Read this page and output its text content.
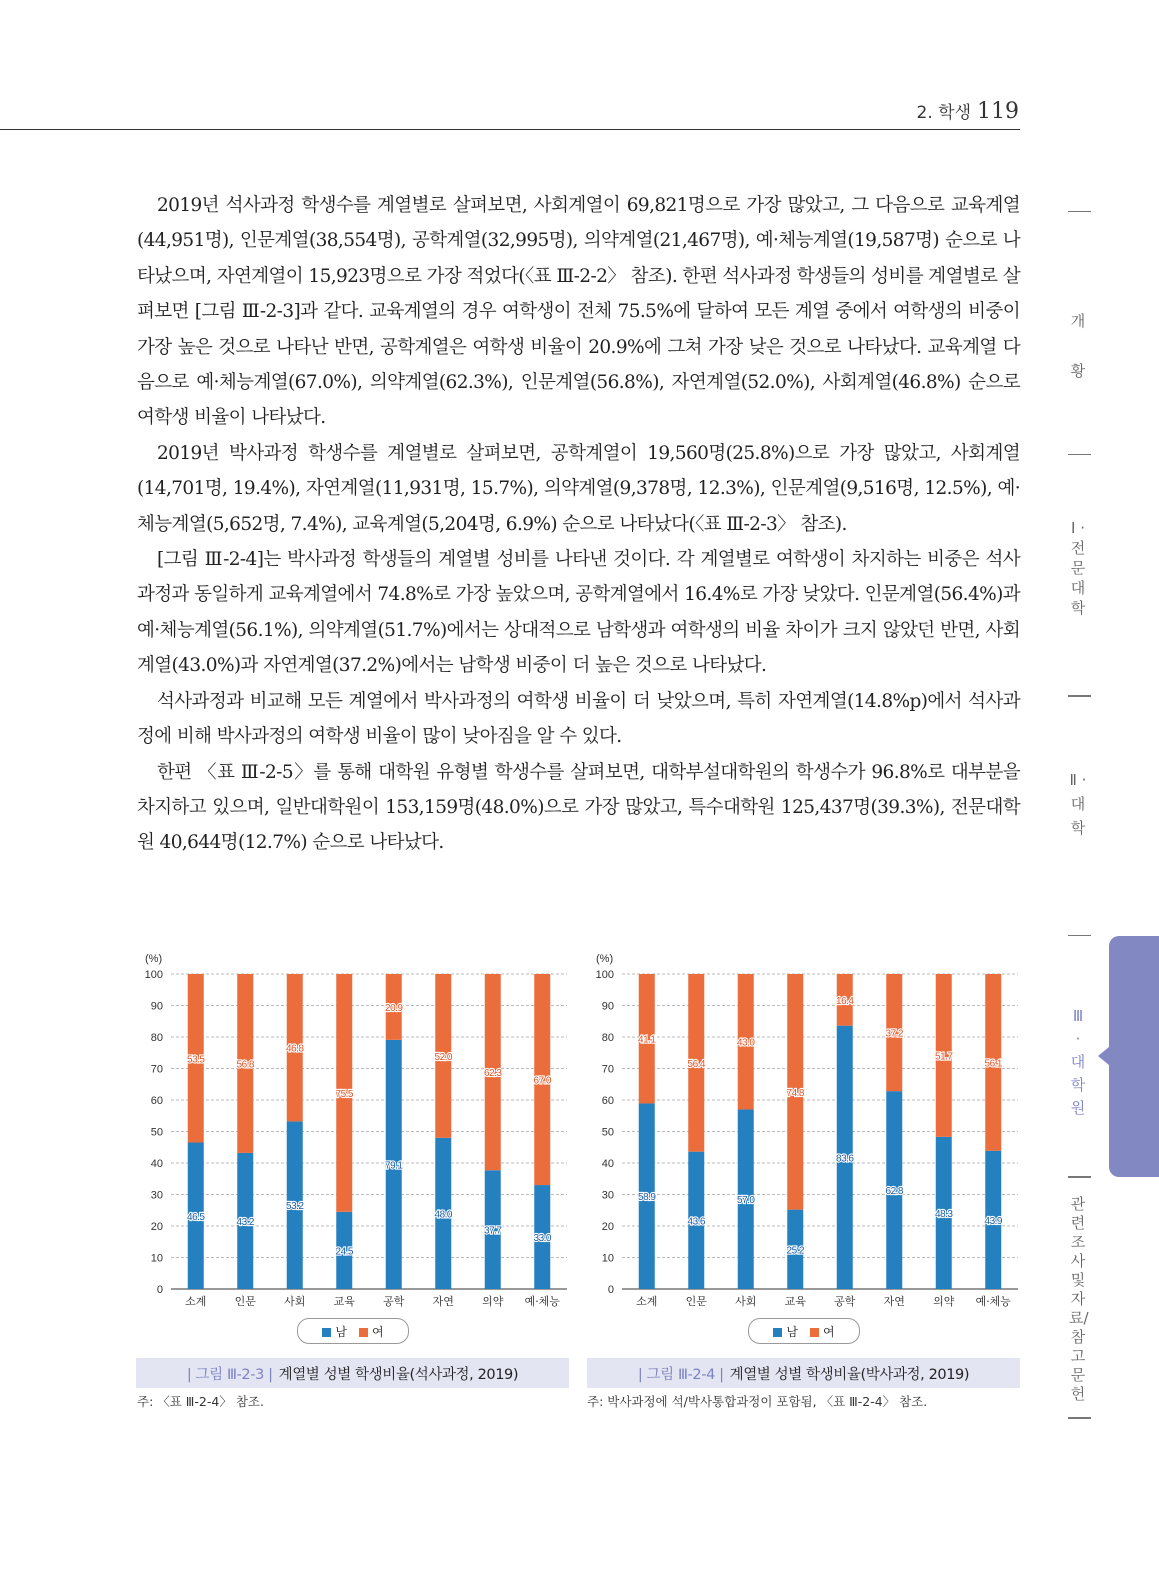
2. 학생 119

2019년 석사과정 학생수를 계열별로 살펴보면, 사회계열이 69,821명으로 가장 많았고, 그 다음으로 교육계열(44,951명), 인문계열(38,554명), 공학계열(32,995명), 의약계열(21,467명), 예·체능계열(19,587명) 순으로 나타났으며, 자연계열이 15,923명으로 가장 적었다(〈표 Ⅲ-2-2〉 참조). 한편 석사과정 학생들의 성비를 계열별로 살펴보면 [그림 Ⅲ-2-3]과 같다. 교육계열의 경우 여학생이 전체 75.5%에 달하여 모든 계열 중에서 여학생의 비중이 가장 높은 것으로 나타난 반면, 공학계열은 여학생 비율이 20.9%에 그쳐 가장 낮은 것으로 나타났다. 교육계열 다음으로 예·체능계열(67.0%), 의약계열(62.3%), 인문계열(56.8%), 자연계열(52.0%), 사회계열(46.8%) 순으로 여학생 비율이 나타났다.

2019년 박사과정 학생수를 계열별로 살펴보면, 공학계열이 19,560명(25.8%)으로 가장 많았고, 사회계열(14,701명, 19.4%), 자연계열(11,931명, 15.7%), 의약계열(9,378명, 12.3%), 인문계열(9,516명, 12.5%), 예·체능계열(5,652명, 7.4%), 교육계열(5,204명, 6.9%) 순으로 나타났다(〈표 Ⅲ-2-3〉 참조).

[그림 Ⅲ-2-4]는 박사과정 학생들의 계열별 성비를 나타낸 것이다. 각 계열별로 여학생이 차지하는 비중은 석사과정과 동일하게 교육계열에서 74.8%로 가장 높았으며, 공학계열에서 16.4%로 가장 낮았다. 인문계열(56.4%)과 예·체능계열(56.1%), 의약계열(51.7%)에서는 상대적으로 남학생과 여학생의 비율 차이가 크지 않았던 반면, 사회계열(43.0%)과 자연계열(37.2%)에서는 남학생 비중이 더 높은 것으로 나타났다.

석사과정과 비교해 모든 계열에서 박사과정의 여학생 비율이 더 낮았으며, 특히 자연계열(14.8%p)에서 석사과정에 비해 박사과정의 여학생 비율이 많이 낮아짐을 알 수 있다.

한편 〈표 Ⅲ-2-5〉를 통해 대학원 유형별 학생수를 살펴보면, 대학부설대학원의 학생수가 96.8%로 대부분을 차지하고 있으며, 일반대학원이 153,159명(48.0%)으로 가장 많았고, 특수대학원 125,437명(39.3%), 전문대학원 40,644명(12.7%) 순으로 나타났다.

개 황
Ⅰ · 전문대학
Ⅱ · 대 학
Ⅲ · 대학원
관련조사 및 자료/참고문헌
(%)
0
10
20
30
40
50
60
70
80
90
100
46.5
53.5
소계
43.2
56.8
인문
53.2
46.8
사회
24.5
75.5
교육
79.1
20.9
공학
48.0
52.0
자연
37.7
62.3
의약
33.0
67.0
예·체능
(%)
0
10
20
30
40
50
60
70
80
90
100
58.9
41.1
소계
43.6
56.4
인문
57.0
43.0
사회
25.2
74.8
교육
83.6
16.4
공학
62.8
37.2
자연
48.3
51.7
의약
43.9
56.1
예·체능
남	여	남	여
| 그림 Ⅲ-2-3 | 계열별 성별 학생비율(석사과정, 2019)	| 그림 Ⅲ-2-4 | 계열별 성별 학생비율(박사과정, 2019)
주: 〈표 Ⅲ-2-4〉 참조.	주: 박사과정에 석/박사통합과정이 포함됨, 〈표 Ⅲ-2-4〉 참조.
